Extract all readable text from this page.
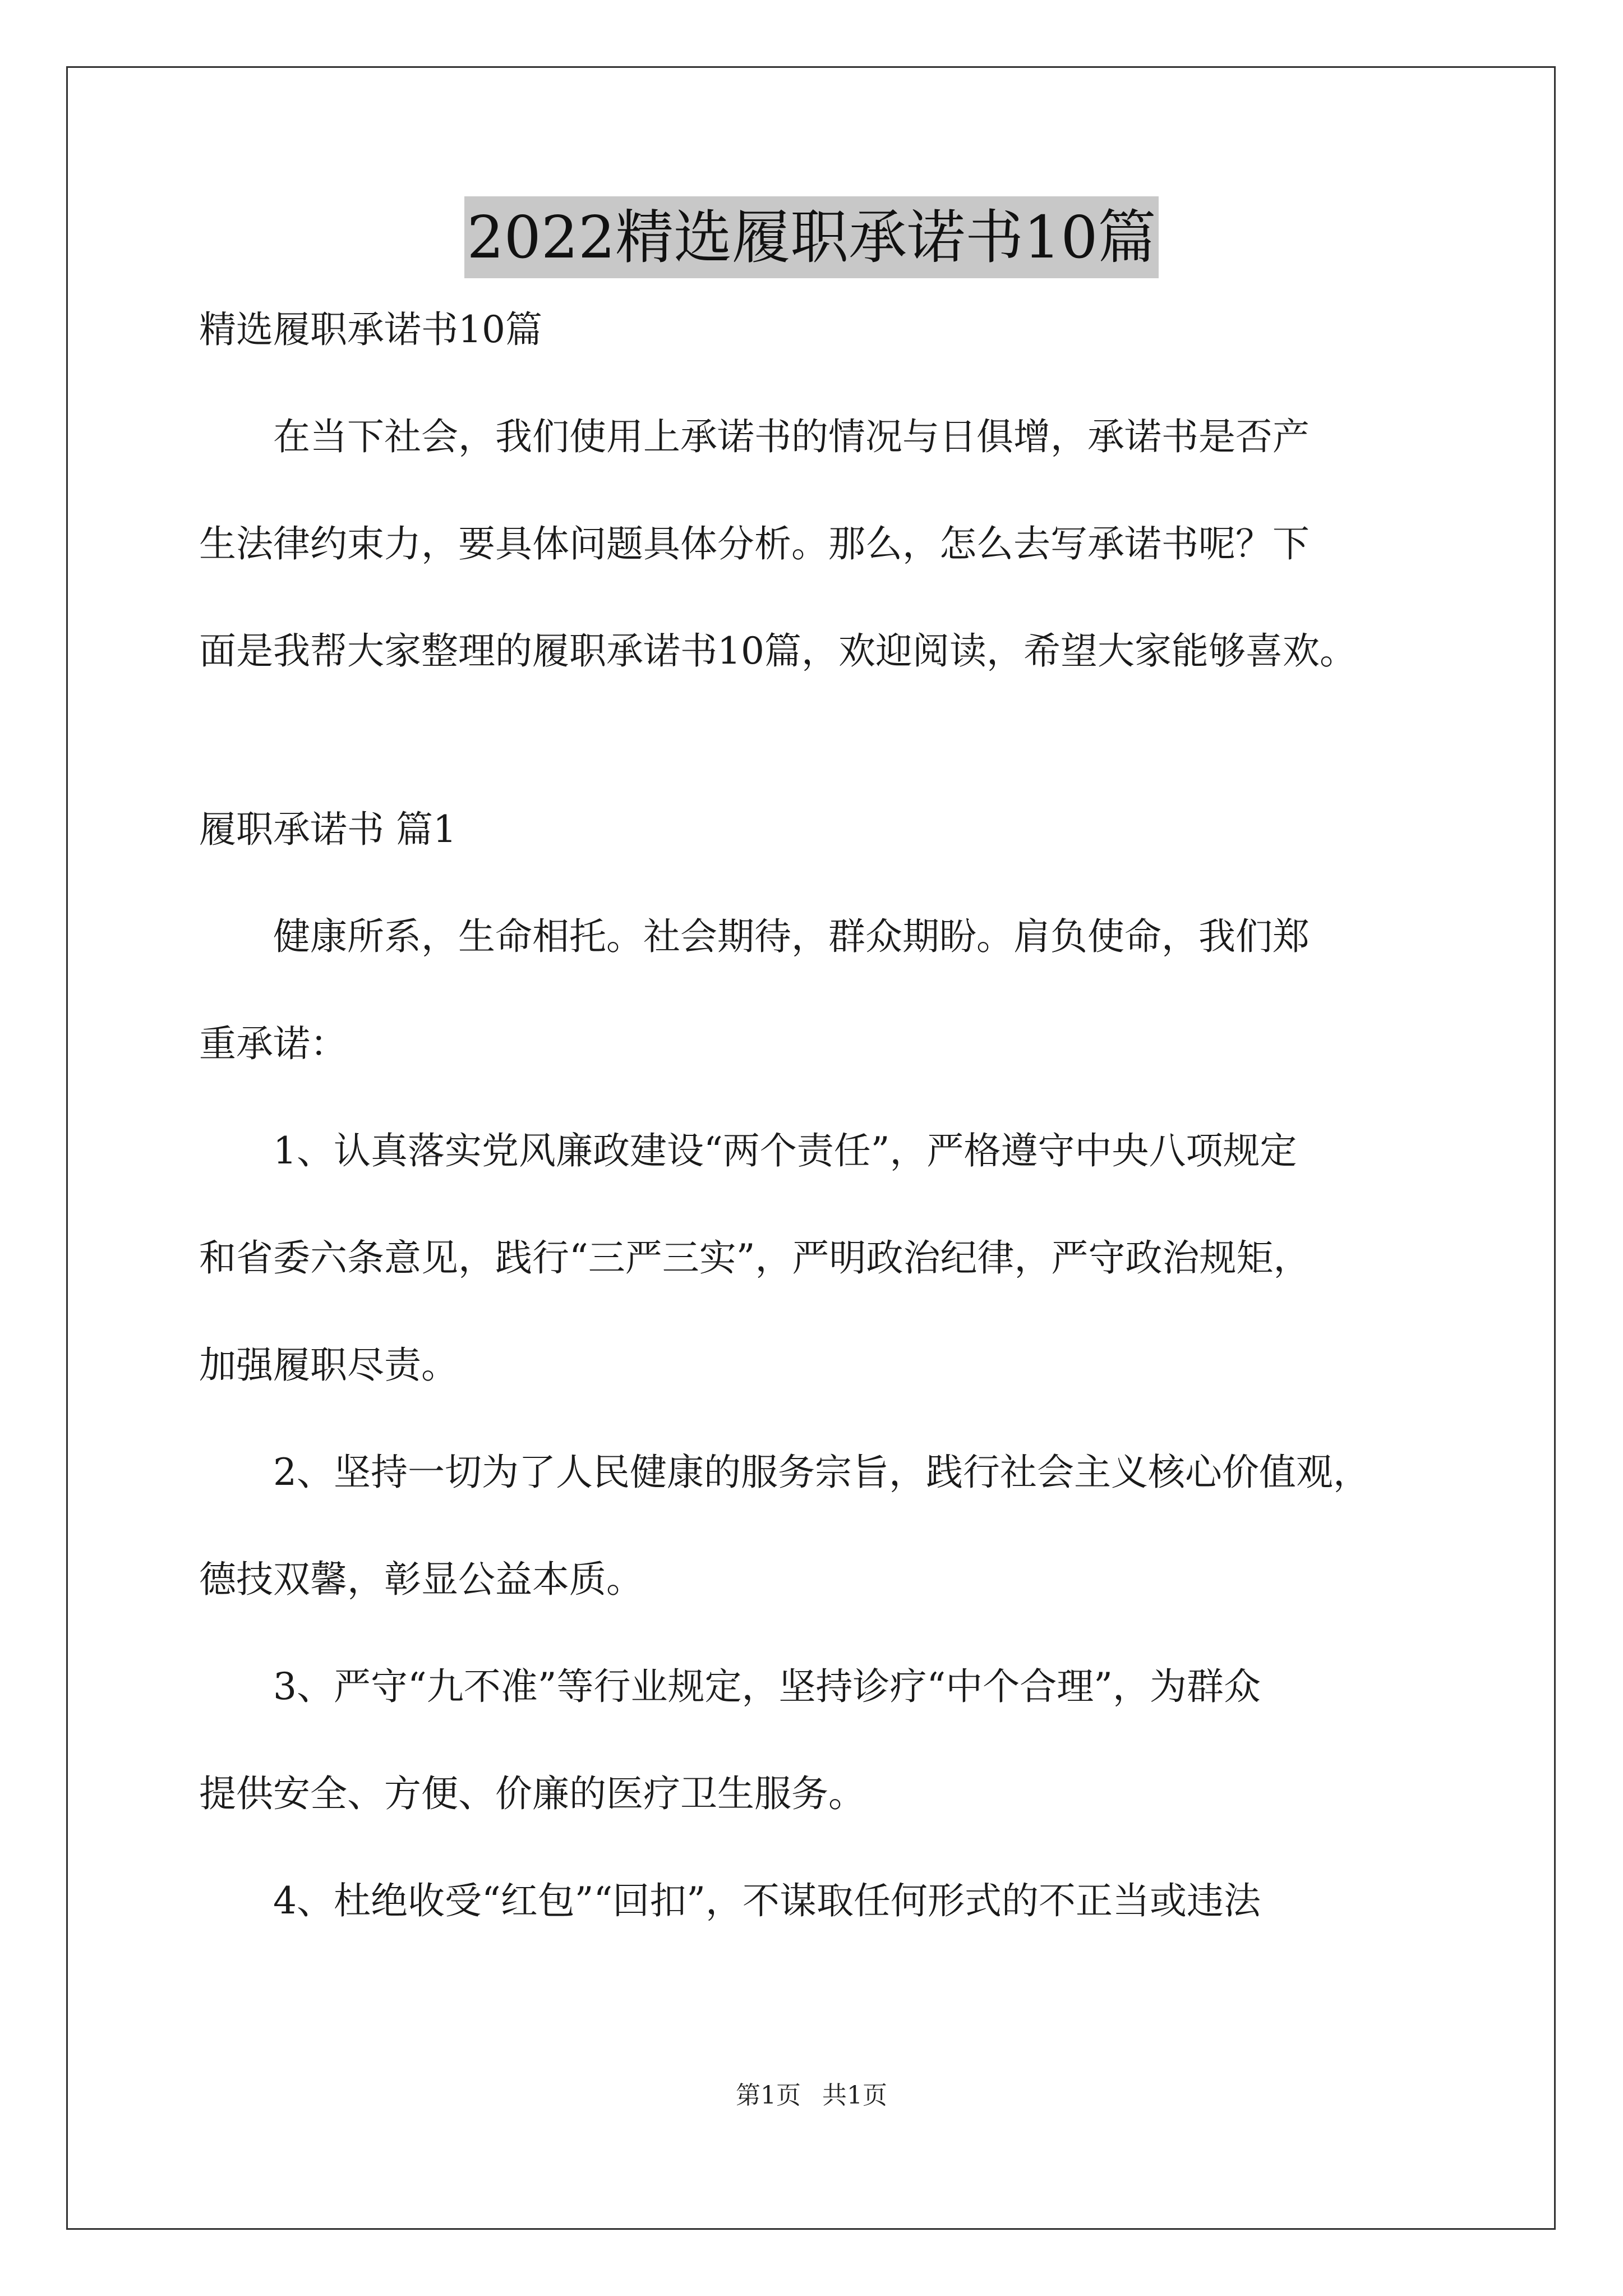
2022精选履职承诺书10篇
精选履职承诺书10篇
在当下社会，我们使用上承诺书的情况与日俱增，承诺书是否产
生法律约束力，要具体问题具体分析。那么，怎么去写承诺书呢？下
面是我帮大家整理的履职承诺书10篇，欢迎阅读，希望大家能够喜欢。
履职承诺书 篇1
健康所系，生命相托。社会期待，群众期盼。肩负使命，我们郑
重承诺：
1、认真落实党风廉政建设“两个责任”，严格遵守中央八项规定
和省委六条意见，践行“三严三实”，严明政治纪律，严守政治规矩，
加强履职尽责。
2、坚持一切为了人民健康的服务宗旨，践行社会主义核心价值观，
德技双馨，彰显公益本质。
3、严守“九不准”等行业规定，坚持诊疗“中个合理”，为群众
提供安全、方便、价廉的医疗卫生服务。
4、杜绝收受“红包”“回扣”，不谋取任何形式的不正当或违法
第1页 共1页
